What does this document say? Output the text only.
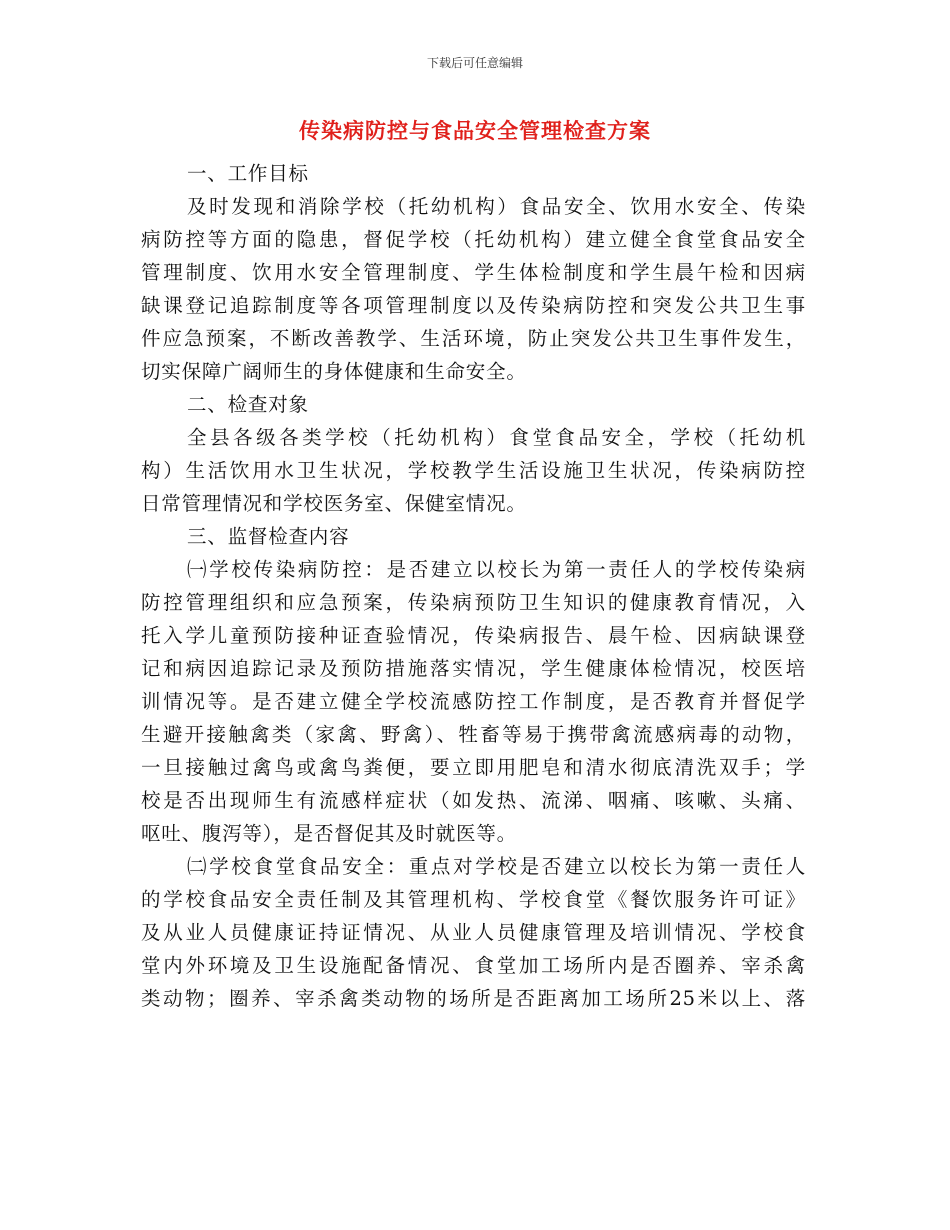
下载后可任意编辑
传染病防控与食品安全管理检查方案
一、工作目标
及时发现和消除学校（托幼机构）食品安全、饮用水安全、传染
病防控等方面的隐患，督促学校（托幼机构）建立健全食堂食品安全
管理制度、饮用水安全管理制度、学生体检制度和学生晨午检和因病
缺课登记追踪制度等各项管理制度以及传染病防控和突发公共卫生事
件应急预案，不断改善教学、生活环境，防止突发公共卫生事件发生，
切实保障广阔师生的身体健康和生命安全。
二、检查对象
全县各级各类学校（托幼机构）食堂食品安全，学校（托幼机
构）生活饮用水卫生状况，学校教学生活设施卫生状况，传染病防控
日常管理情况和学校医务室、保健室情况。
三、监督检查内容
㈠学校传染病防控：是否建立以校长为第一责任人的学校传染病
防控管理组织和应急预案，传染病预防卫生知识的健康教育情况，入
托入学儿童预防接种证查验情况，传染病报告、晨午检、因病缺课登
记和病因追踪记录及预防措施落实情况，学生健康体检情况，校医培
训情况等。是否建立健全学校流感防控工作制度，是否教育并督促学
生避开接触禽类（家禽、野禽）、牲畜等易于携带禽流感病毒的动物，
一旦接触过禽鸟或禽鸟粪便，要立即用肥皂和清水彻底清洗双手；学
校是否出现师生有流感样症状（如发热、流涕、咽痛、咳嗽、头痛、
呕吐、腹泻等），是否督促其及时就医等。
㈡学校食堂食品安全：重点对学校是否建立以校长为第一责任人
的学校食品安全责任制及其管理机构、学校食堂《餐饮服务许可证》
及从业人员健康证持证情况、从业人员健康管理及培训情况、学校食
堂内外环境及卫生设施配备情况、食堂加工场所内是否圈养、宰杀禽
类动物；圈养、宰杀禽类动物的场所是否距离加工场所25米以上、落
